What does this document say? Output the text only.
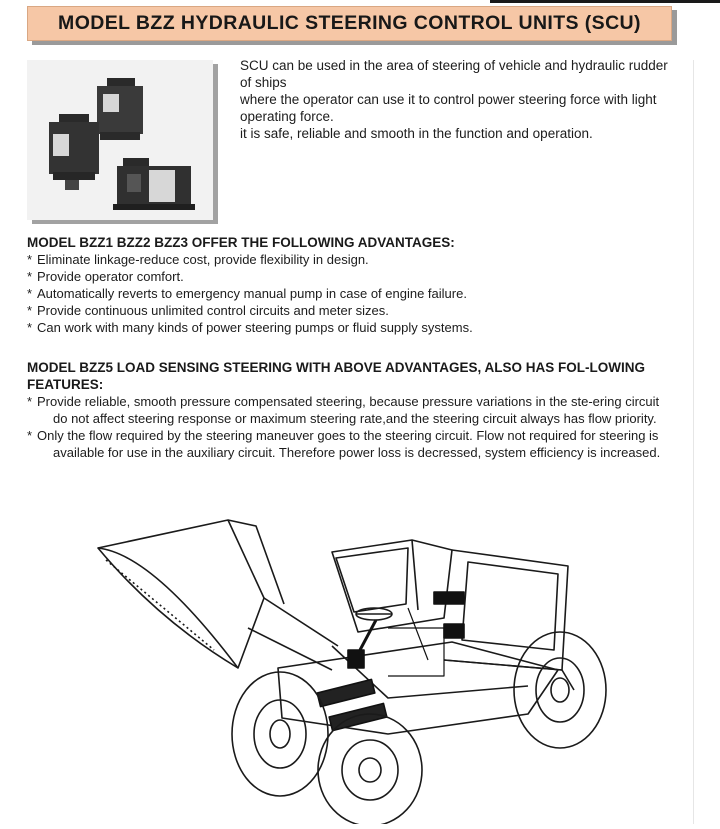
MODEL BZZ HYDRAULIC STEERING CONTROL UNITS (SCU)

SCU can be used in the area of steering of vehicle and hydraulic rudder of ships

where the operator can use it to control power steering force with light operating force.

it is safe, reliable and smooth in the function and operation.

MODEL BZZ1 BZZ2 BZZ3 OFFER THE FOLLOWING ADVANTAGES:
* Eliminate linkage-reduce cost, provide flexibility in design.
* Provide operator comfort.
* Automatically reverts to emergency manual pump in case of engine failure.
* Provide continuous unlimited control circuits and meter sizes.
* Can work with many kinds of power steering pumps or fluid supply systems.
MODEL BZZ5 LOAD SENSING STEERING WITH ABOVE ADVANTAGES, ALSO HAS FOL-LOWING FEATURES:
* Provide reliable, smooth pressure compensated steering, because pressure variations in the ste-ering circuit do not affect steering response or maximum steering rate,and the steering circuit always has flow priority.
* Only the flow required by the steering maneuver goes to the steering circuit. Flow not required for steering is available for use in the auxiliary circuit. Therefore power loss is decressed, system efficiency is increased.
